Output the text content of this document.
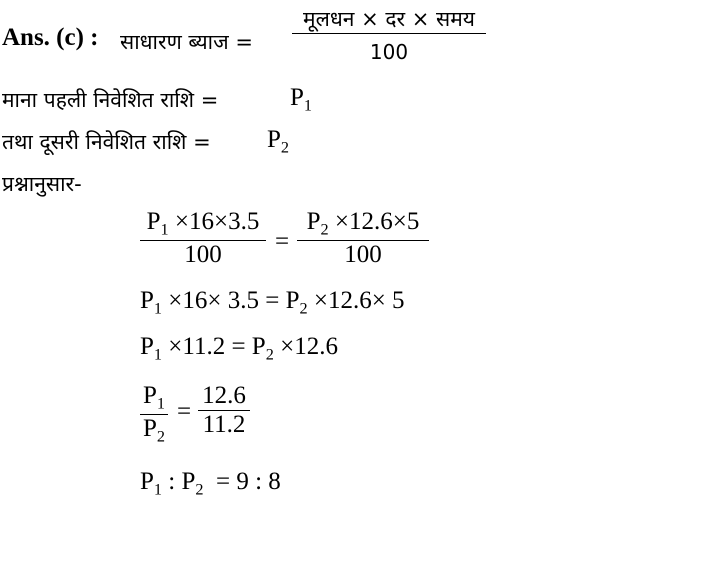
Ans. (c) : साधारण ब्याज =
मूलधन × दर × समय
100
माना पहली निवेशित राशि =	$P_1$
तथा दूसरी निवेशित राशि = $P_2$
प्रश्नानुसार-
$P_1 \times 16\times 3.5$
100	=
$P_2 \times 12.6\times 5$
100
$P_1 \times 16\times 3.5 = P_2 \times 12.6\times 5$
$P_1 \times 11.2 = P_2 \times 12.6$
$P_1$
$P_2$
=
12.6
11.2
$P_1$ : $P_2 = 9$ : 8
